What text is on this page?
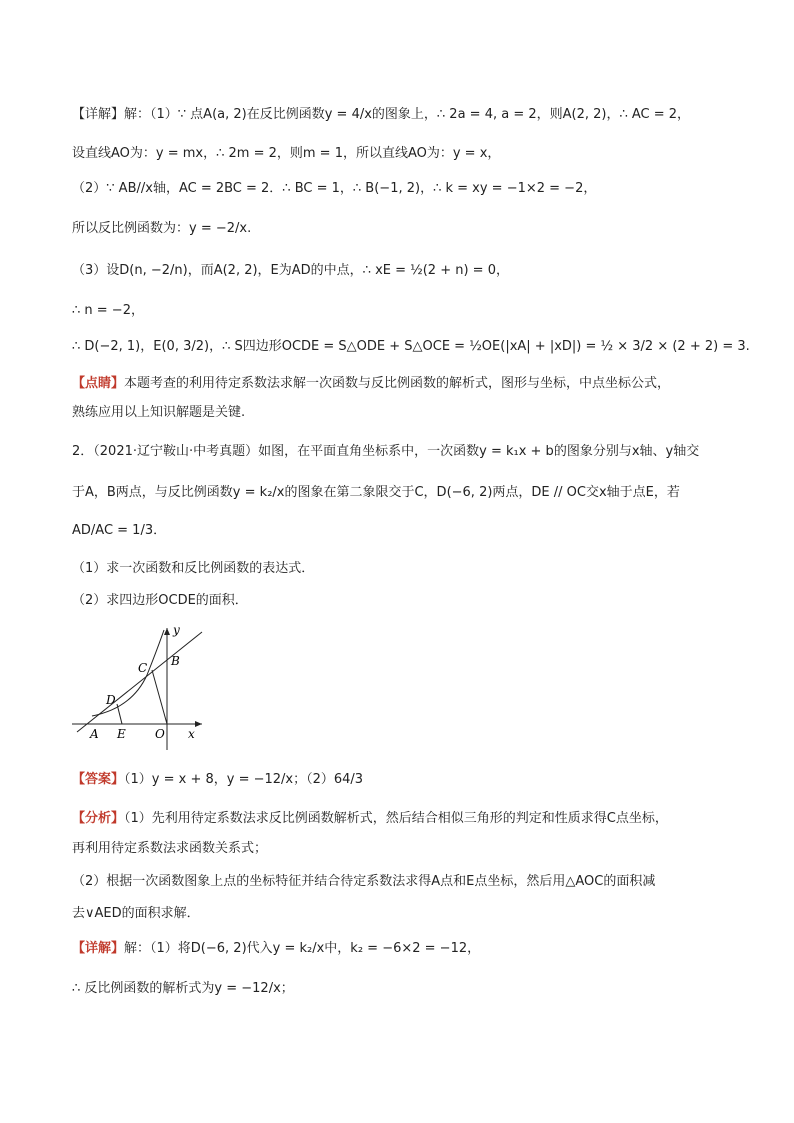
【详解】解：（1）∵ 点A(a, 2)在反比例函数y = 4/x的图象上，∴ 2a = 4, a = 2，则A(2, 2)，∴ AC = 2，
设直线AO为：y = mx，∴ 2m = 2，则m = 1，所以直线AO为：y = x，
（2）∵ AB//x轴，AC = 2BC = 2．∴ BC = 1，∴ B(−1, 2)，∴ k = xy = −1×2 = −2，
所以反比例函数为：y = −2/x.
（3）设D(n, −2/n)，而A(2, 2)，E为AD的中点，∴ xE = ½(2 + n) = 0，
∴ n = −2，
∴ D(−2, 1)，E(0, 3/2)，∴ S四边形OCDE = S△ODE + S△OCE = ½OE(|xA| + |xD|) = ½ × 3/2 × (2 + 2) = 3.
【点睛】本题考查的利用待定系数法求解一次函数与反比例函数的解析式，图形与坐标，中点坐标公式，
熟练应用以上知识解题是关键.
2．（2021·辽宁鞍山·中考真题）如图，在平面直角坐标系中，一次函数y = k₁x + b的图象分别与x轴、y轴交
于A，B两点，与反比例函数y = k₂/x的图象在第二象限交于C，D(−6, 2)两点，DE // OC交x轴于点E，若
AD/AC = 1/3．
（1）求一次函数和反比例函数的表达式．
（2）求四边形OCDE的面积．
y
x
B
C
D
A E O
【答案】（1）y = x + 8，y = −12/x；（2）64/3
【分析】（1）先利用待定系数法求反比例函数解析式，然后结合相似三角形的判定和性质求得C点坐标，
再利用待定系数法求函数关系式；
（2）根据一次函数图象上点的坐标特征并结合待定系数法求得A点和E点坐标，然后用△AOC的面积减
去∨AED的面积求解．
【详解】解：（1）将D(−6, 2)代入y = k₂/x中，k₂ = −6×2 = −12，
∴ 反比例函数的解析式为y = −12/x；
